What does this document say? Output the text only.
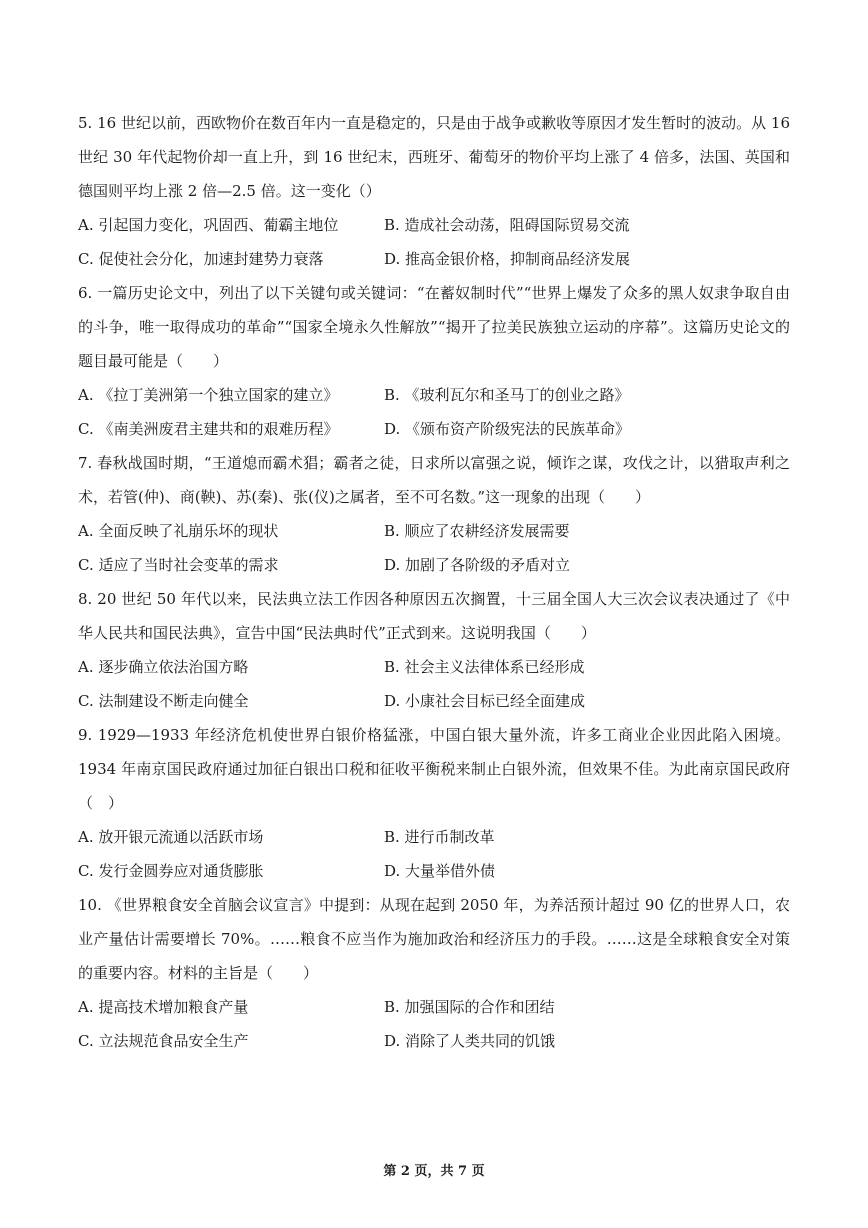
5. 16 世纪以前，西欧物价在数百年内一直是稳定的，只是由于战争或歉收等原因才发生暂时的波动。从 16 世纪 30 年代起物价却一直上升，到 16 世纪末，西班牙、葡萄牙的物价平均上涨了 4 倍多，法国、英国和德国则平均上涨 2 倍—2.5 倍。这一变化（）

A. 引起国力变化，巩固西、葡霸主地位	B. 造成社会动荡，阻碍国际贸易交流
C. 促使社会分化，加速封建势力衰落	D. 推高金银价格，抑制商品经济发展

6. 一篇历史论文中，列出了以下关键句或关键词：“在蓄奴制时代”“世界上爆发了众多的黑人奴隶争取自由的斗争，唯一取得成功的革命”“国家全境永久性解放”“揭开了拉美民族独立运动的序幕”。这篇历史论文的题目最可能是（　　）

A. 《拉丁美洲第一个独立国家的建立》	B. 《玻利瓦尔和圣马丁的创业之路》
C. 《南美洲废君主建共和的艰难历程》	D. 《颁布资产阶级宪法的民族革命》

7. 春秋战国时期，“王道熄而霸术猖；霸者之徒，日求所以富强之说，倾诈之谋，攻伐之计，以猎取声利之术，若管(仲)、商(鞅)、苏(秦)、张(仪)之属者，至不可名数。”这一现象的出现（　　）

A. 全面反映了礼崩乐坏的现状	B. 顺应了农耕经济发展需要
C. 适应了当时社会变革的需求	D. 加剧了各阶级的矛盾对立

8. 20 世纪 50 年代以来，民法典立法工作因各种原因五次搁置，十三届全国人大三次会议表决通过了《中华人民共和国民法典》，宣告中国“民法典时代”正式到来。这说明我国（　　）

A. 逐步确立依法治国方略	B. 社会主义法律体系已经形成
C. 法制建设不断走向健全	D. 小康社会目标已经全面建成

9. 1929—1933 年经济危机使世界白银价格猛涨，中国白银大量外流，许多工商业企业因此陷入困境。1934 年南京国民政府通过加征白银出口税和征收平衡税来制止白银外流，但效果不佳。为此南京国民政府（　）

A. 放开银元流通以活跃市场	B. 进行币制改革
C. 发行金圆券应对通货膨胀	D. 大量举借外债

10. 《世界粮食安全首脑会议宣言》中提到：从现在起到 2050 年，为养活预计超过 90 亿的世界人口，农业产量估计需要增长 70%。……粮食不应当作为施加政治和经济压力的手段。……这是全球粮食安全对策的重要内容。材料的主旨是（　　）

A. 提高技术增加粮食产量	B. 加强国际的合作和团结
C. 立法规范食品安全生产	D. 消除了人类共同的饥饿
第 2 页，共 7 页
